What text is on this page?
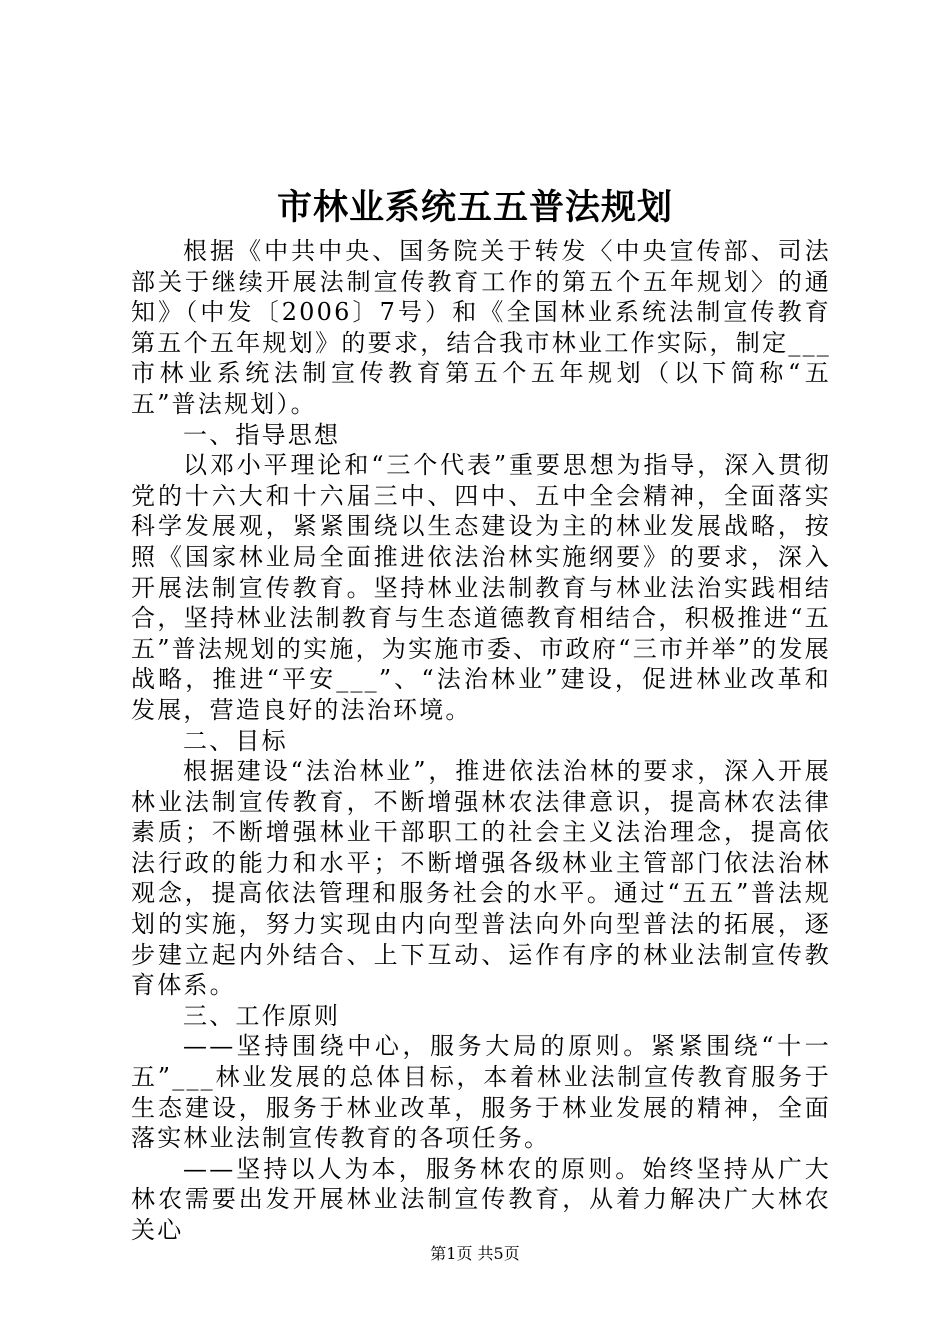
市林业系统五五普法规划

根据《中共中央、国务院关于转发〈中央宣传部、司法部关于继续开展法制宣传教育工作的第五个五年规划〉的通知》（中发〔2006〕7号）和《全国林业系统法制宣传教育第五个五年规划》的要求，结合我市林业工作实际，制定___市林业系统法制宣传教育第五个五年规划（以下简称“五五”普法规划）。

一、指导思想

以邓小平理论和“三个代表”重要思想为指导，深入贯彻党的十六大和十六届三中、四中、五中全会精神，全面落实科学发展观，紧紧围绕以生态建设为主的林业发展战略，按照《国家林业局全面推进依法治林实施纲要》的要求，深入开展法制宣传教育。坚持林业法制教育与林业法治实践相结合，坚持林业法制教育与生态道德教育相结合，积极推进“五五”普法规划的实施，为实施市委、市政府“三市并举”的发展战略，推进“平安___”、“法治林业”建设，促进林业改革和发展，营造良好的法治环境。

二、目标

根据建设“法治林业”，推进依法治林的要求，深入开展林业法制宣传教育，不断增强林农法律意识，提高林农法律素质；不断增强林业干部职工的社会主义法治理念，提高依法行政的能力和水平；不断增强各级林业主管部门依法治林观念，提高依法管理和服务社会的水平。通过“五五”普法规划的实施，努力实现由内向型普法向外向型普法的拓展，逐步建立起内外结合、上下互动、运作有序的林业法制宣传教育体系。

三、工作原则

——坚持围绕中心，服务大局的原则。紧紧围绕“十一五”___林业发展的总体目标，本着林业法制宣传教育服务于生态建设，服务于林业改革，服务于林业发展的精神，全面落实林业法制宣传教育的各项任务。

——坚持以人为本，服务林农的原则。始终坚持从广大林农需要出发开展林业法制宣传教育，从着力解决广大林农关心

第1页 共5页
